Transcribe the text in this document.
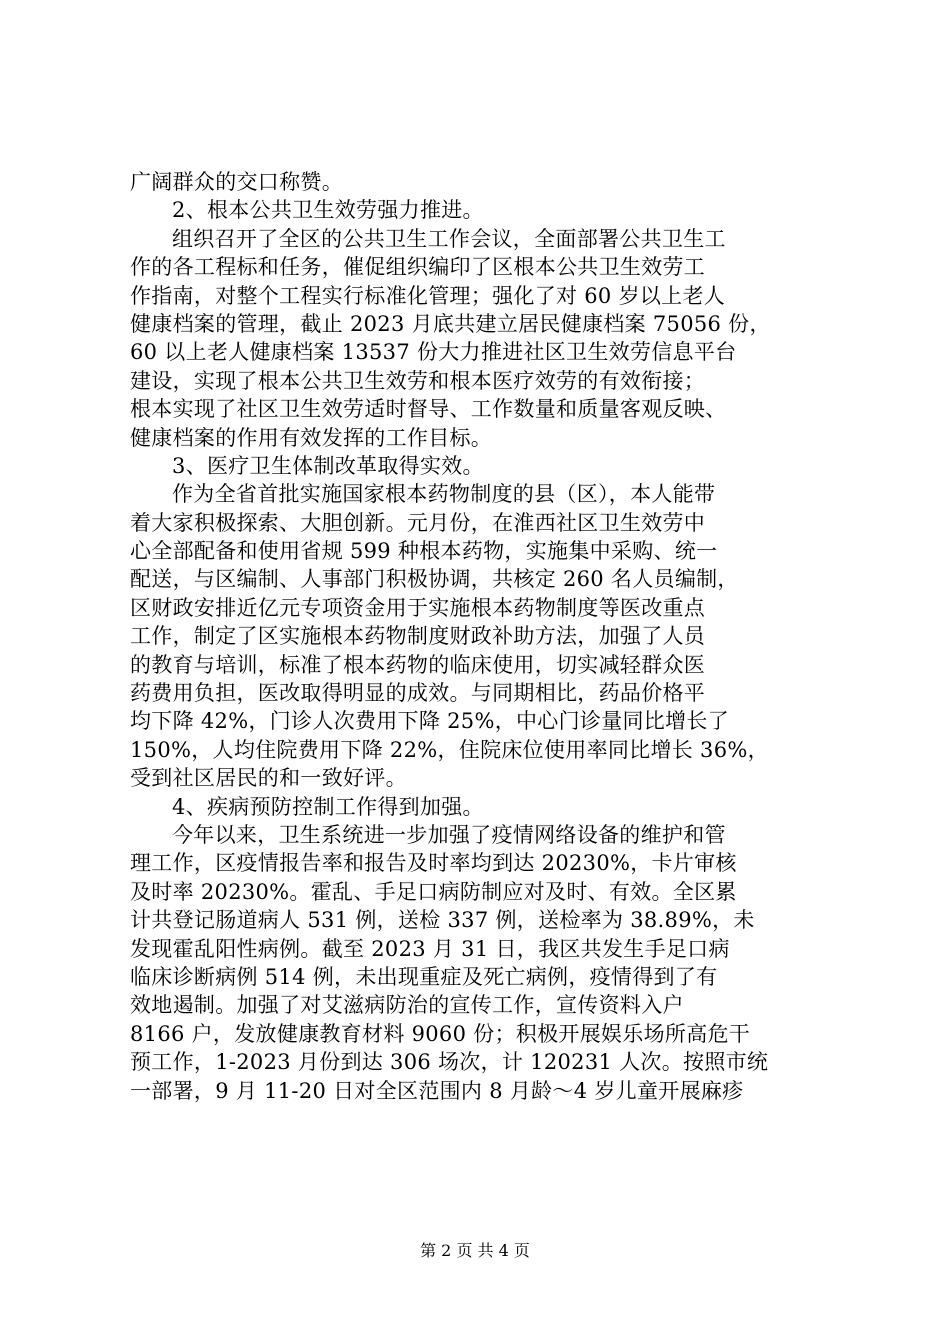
广阔群众的交口称赞。
2、根本公共卫生效劳强力推进。
组织召开了全区的公共卫生工作会议，全面部署公共卫生工
作的各工程标和任务，催促组织编印了区根本公共卫生效劳工
作指南，对整个工程实行标准化管理；强化了对 60 岁以上老人
健康档案的管理，截止 2023 月底共建立居民健康档案 75056 份，
60 以上老人健康档案 13537 份大力推进社区卫生效劳信息平台
建设，实现了根本公共卫生效劳和根本医疗效劳的有效衔接；
根本实现了社区卫生效劳适时督导、工作数量和质量客观反映、
健康档案的作用有效发挥的工作目标。
3、医疗卫生体制改革取得实效。
作为全省首批实施国家根本药物制度的县（区），本人能带
着大家积极探索、大胆创新。元月份，在淮西社区卫生效劳中
心全部配备和使用省规 599 种根本药物，实施集中采购、统一
配送，与区编制、人事部门积极协调，共核定 260 名人员编制，
区财政安排近亿元专项资金用于实施根本药物制度等医改重点
工作，制定了区实施根本药物制度财政补助方法，加强了人员
的教育与培训，标准了根本药物的临床使用，切实减轻群众医
药费用负担，医改取得明显的成效。与同期相比，药品价格平
均下降 42%，门诊人次费用下降 25%，中心门诊量同比增长了
150%，人均住院费用下降 22%，住院床位使用率同比增长 36%，
受到社区居民的和一致好评。
4、疾病预防控制工作得到加强。
今年以来，卫生系统进一步加强了疫情网络设备的维护和管
理工作，区疫情报告率和报告及时率均到达 20230%，卡片审核
及时率 20230%。霍乱、手足口病防制应对及时、有效。全区累
计共登记肠道病人 531 例，送检 337 例，送检率为 38.89%，未
发现霍乱阳性病例。截至 2023 月 31 日，我区共发生手足口病
临床诊断病例 514 例，未出现重症及死亡病例，疫情得到了有
效地遏制。加强了对艾滋病防治的宣传工作，宣传资料入户
8166 户，发放健康教育材料 9060 份；积极开展娱乐场所高危干
预工作，1-2023 月份到达 306 场次，计 120231 人次。按照市统
一部署，9 月 11-20 日对全区范围内 8 月龄～4 岁儿童开展麻疹
第 2 页 共 4 页
